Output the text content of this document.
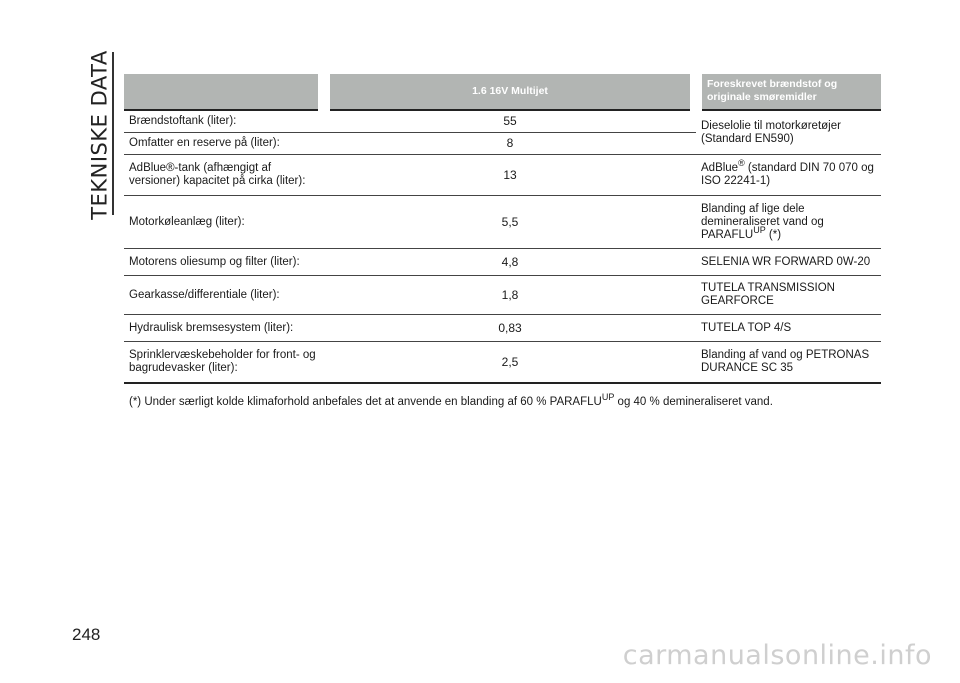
TEKNISKE DATA
		1.6 16V Multijet	Foreskrevet brændstof og originale smøremidler
Brændstoftank (liter):	55	Dieselolie til motorkøretøjer (Standard EN590)
Omfatter en reserve på (liter):	8	
AdBlue®-tank (afhængigt af versioner) kapacitet på cirka (liter):	13	AdBlue® (standard DIN 70 070 og ISO 22241-1)
Motorkøleanlæg (liter):	5,5	Blanding af lige dele demineraliseret vand og $PARAFLU^{UP}$ (*)
Motorens oliesump og filter (liter):	4,8	SELENIA WR FORWARD 0W-20
Gearkasse/differentiale (liter):	1,8	TUTELA TRANSMISSION GEARFORCE
Hydraulisk bremsesystem (liter):	0,83	TUTELA TOP 4/S
Sprinklervæskebeholder for front- og bagrudevasker (liter):	2,5	Blanding af vand og PETRONAS DURANCE SC 35
(*) Under særligt kolde klimaforhold anbefales det at anvende en blanding af 60 % $PARAFLU^{UP}$ og 40 % demineraliseret vand.
248
carmanualsonline.info
